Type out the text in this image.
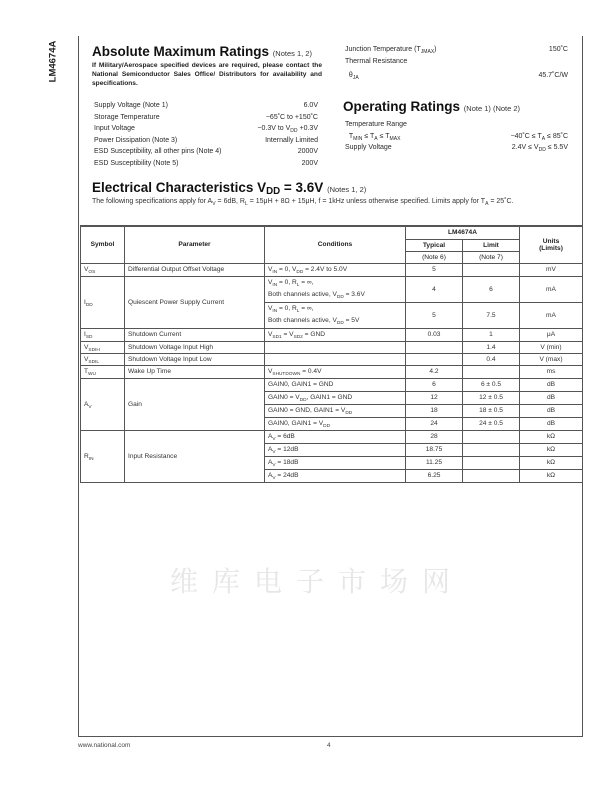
LM4674A
维库电子市场网
Absolute Maximum Ratings (Notes 1, 2)
If Military/Aerospace specified devices are required, please contact the National Semiconductor Sales Office/ Distributors for availability and specifications.
Supply Voltage (Note 1)	6.0V
Storage Temperature	−65˚C to +150˚C
Input Voltage	−0.3V to $V_{DD} +0.3V$
Power Dissipation (Note 3)	Internally Limited
ESD Susceptibility, all other pins (Note 4)	2000V
ESD Susceptibility (Note 5)	200V
Junction Temperature $(T_{JMAX})$	150˚C
Thermal Resistance
$\theta_{JA}$	45.7˚C/W
Operating Ratings (Note 1) (Note 2)
Temperature Range
$T_{MIN} \le T_A \le T_{MAX}$	−40˚C ≤ $T_A$ ≤ 85˚C
Supply Voltage	$2.4V \le V_{DD} \le 5.5V$
Electrical Characteristics $V_{DD} = 3.6V$ (Notes 1, 2)
The following specifications apply for $A_V = 6dB$, $R_L = 15\mu H + 8\Omega + 15\mu H$, f = 1kHz unless otherwise specified. Limits apply for $T_A$ = 25˚C.
Symbol	Parameter	Conditions	LM4674A		Units
(Limits)
			Typical	Limit	
			(Note 6)	(Note 7)	
$V_{OS}$	Differential Output Offset Voltage	$V_{IN} = 0$, $V_{DD} = 2.4V$ to 5.0V	5		mV
$I_{DD}$	Quiescent Power Supply Current	$V_{IN} = 0$, $R_L$ = ∞,
Both channels active, $V_{DD} = 3.6V$	4	6	mA
		$V_{IN} = 0$, $R_L$ = ∞,
Both channels active, $V_{DD} = 5V$	5	7.5	mA
$I_{SD}$	Shutdown Current	$V_{SD1} = V_{SD2}$ = GND	0.03	1	μA
$V_{SDIH}$	Shutdown Voltage Input High			1.4	V (min)
$V_{SDIL}$	Shutdown Voltage Input Low			0.4	V (max)
$T_{WU}$	Wake Up Time	$V_{SHUTDOWN} = 0.4V$	4.2		ms
$A_V$	Gain	GAIN0, GAIN1 = GND	6	6 ± 0.5	dB
		GAIN0 = $V_{DD}$, GAIN1 = GND	12	12 ± 0.5	dB
		GAIN0 = GND, GAIN1 = $V_{DD}$	18	18 ± 0.5	dB
		GAIN0, GAIN1 = $V_{DD}$	24	24 ± 0.5	dB
$R_{IN}$	Input Resistance	$A_V = 6dB$	28		kΩ
		$A_V = 12dB$	18.75		kΩ
		$A_V = 18dB$	11.25		kΩ
		$A_V = 24dB$	6.25		kΩ
www.national.com	4
